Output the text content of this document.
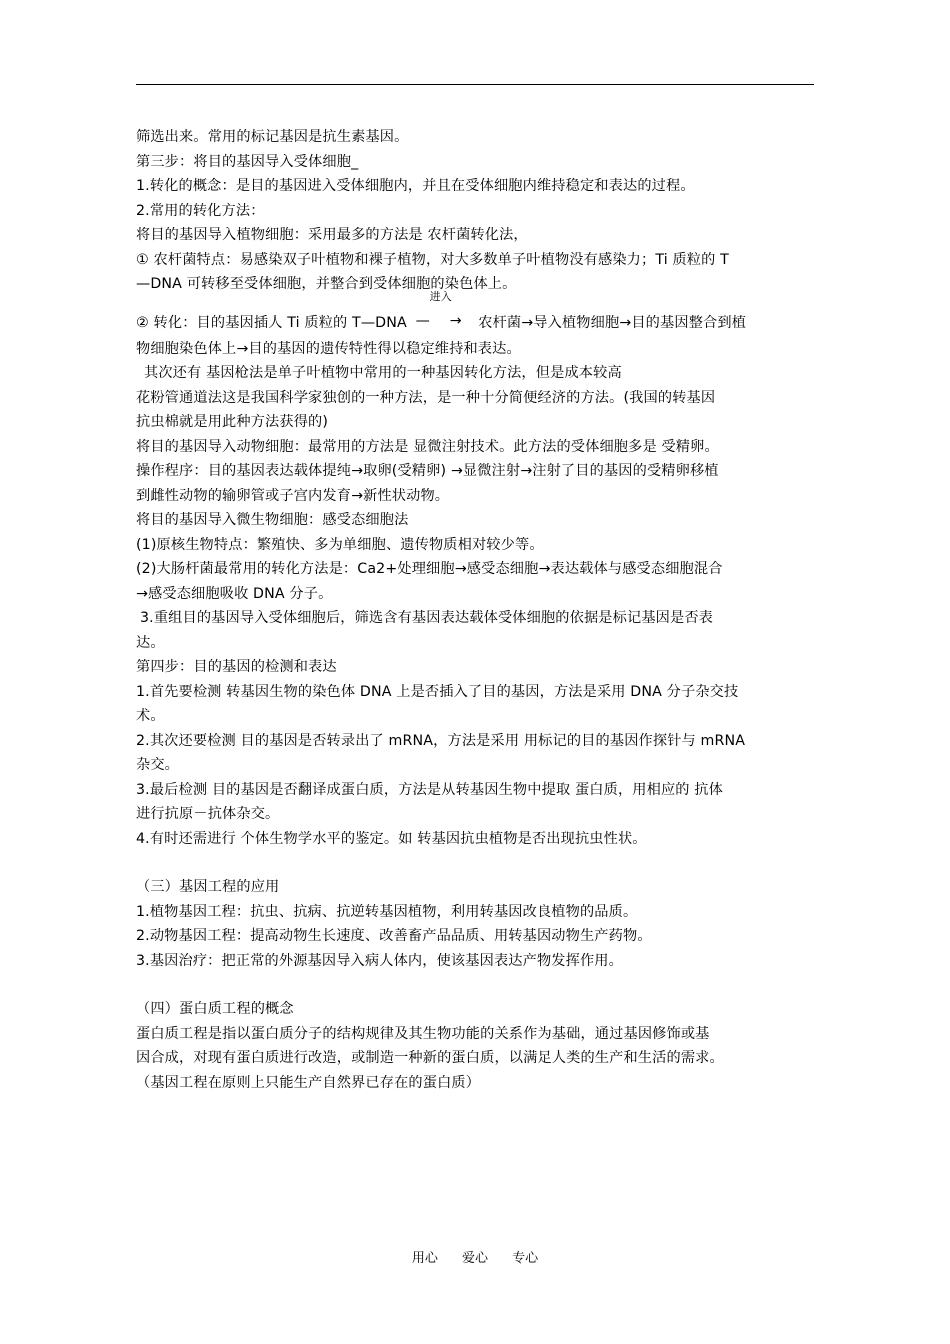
筛选出来。常用的标记基因是抗生素基因。
第三步：将目的基因导入受体细胞_
1.转化的概念：是目的基因进入受体细胞内，并且在受体细胞内维持稳定和表达的过程。
2.常用的转化方法：
将目的基因导入植物细胞：采用最多的方法是 农杆菌转化法，
① 农杆菌特点：易感染双子叶植物和裸子植物，对大多数单子叶植物没有感染力；Ti 质粒的 T
—DNA 可转移至受体细胞，并整合到受体细胞的染色体上。
② 转化：目的基因插人 Ti 质粒的 T—DNA
进入
— → 农杆菌→导入植物细胞→目的基因整合到植
物细胞染色体上→目的基因的遗传特性得以稳定维持和表达。
其次还有 基因枪法是单子叶植物中常用的一种基因转化方法，但是成本较高
花粉管通道法这是我国科学家独创的一种方法，是一种十分简便经济的方法。(我国的转基因
抗虫棉就是用此种方法获得的)
将目的基因导入动物细胞：最常用的方法是 显微注射技术。此方法的受体细胞多是 受精卵。
操作程序：目的基因表达载体提纯→取卵(受精卵) →显微注射→注射了目的基因的受精卵移植
到雌性动物的输卵管或子宫内发育→新性状动物。
将目的基因导入微生物细胞：感受态细胞法
(1)原核生物特点：繁殖快、多为单细胞、遗传物质相对较少等。
(2)大肠杆菌最常用的转化方法是：Ca2+处理细胞→感受态细胞→表达载体与感受态细胞混合
→感受态细胞吸收 DNA 分子。
3.重组目的基因导入受体细胞后，筛选含有基因表达载体受体细胞的依据是标记基因是否表
达。
第四步：目的基因的检测和表达
1.首先要检测 转基因生物的染色体 DNA 上是否插入了目的基因，方法是采用 DNA 分子杂交技
术。
2.其次还要检测 目的基因是否转录出了 mRNA，方法是采用 用标记的目的基因作探针与 mRNA
杂交。
3.最后检测 目的基因是否翻译成蛋白质，方法是从转基因生物中提取 蛋白质，用相应的 抗体
进行抗原－抗体杂交。
4.有时还需进行 个体生物学水平的鉴定。如 转基因抗虫植物是否出现抗虫性状。
（三）基因工程的应用
1.植物基因工程：抗虫、抗病、抗逆转基因植物，利用转基因改良植物的品质。
2.动物基因工程：提高动物生长速度、改善畜产品品质、用转基因动物生产药物。
3.基因治疗：把正常的外源基因导入病人体内，使该基因表达产物发挥作用。
（四）蛋白质工程的概念
蛋白质工程是指以蛋白质分子的结构规律及其生物功能的关系作为基础，通过基因修饰或基
因合成，对现有蛋白质进行改造，或制造一种新的蛋白质，以满足人类的生产和生活的需求。
（基因工程在原则上只能生产自然界已存在的蛋白质）
用心 爱心 专心
